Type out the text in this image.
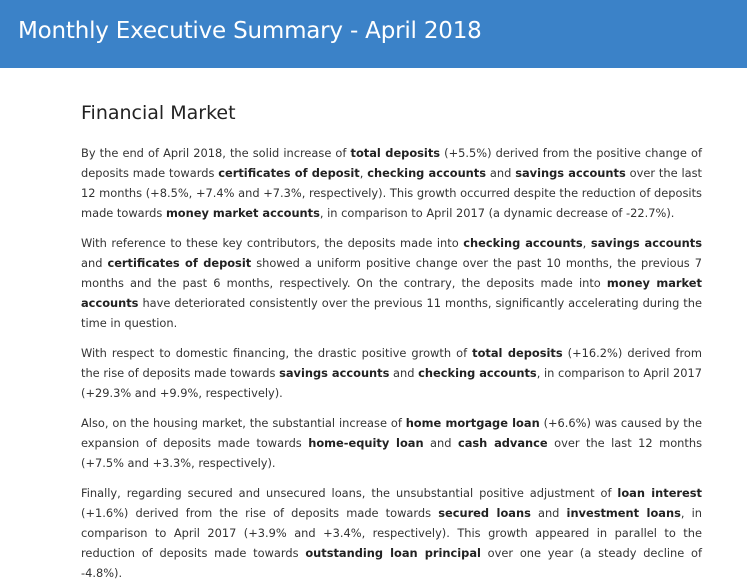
Monthly Executive Summary - April 2018
Financial Market

By the end of April 2018, the solid increase of total deposits (+5.5%) derived from the positive change of deposits made towards certificates of deposit, checking accounts and savings accounts over the last 12 months (+8.5%, +7.4% and +7.3%, respectively). This growth occurred despite the reduction of deposits made towards money market accounts, in comparison to April 2017 (a dynamic decrease of -22.7%).

With reference to these key contributors, the deposits made into checking accounts, savings accounts and certificates of deposit showed a uniform positive change over the past 10 months, the previous 7 months and the past 6 months, respectively. On the contrary, the deposits made into money market accounts have deteriorated consistently over the previous 11 months, significantly accelerating during the time in question.

With respect to domestic financing, the drastic positive growth of total deposits (+16.2%) derived from the rise of deposits made towards savings accounts and checking accounts, in comparison to April 2017 (+29.3% and +9.9%, respectively).

Also, on the housing market, the substantial increase of home mortgage loan (+6.6%) was caused by the expansion of deposits made towards home-equity loan and cash advance over the last 12 months (+7.5% and +3.3%, respectively).

Finally, regarding secured and unsecured loans, the unsubstantial positive adjustment of loan interest (+1.6%) derived from the rise of deposits made towards secured loans and investment loans, in comparison to April 2017 (+3.9% and +3.4%, respectively). This growth appeared in parallel to the reduction of deposits made towards outstanding loan principal over one year (a steady decline of -4.8%).
